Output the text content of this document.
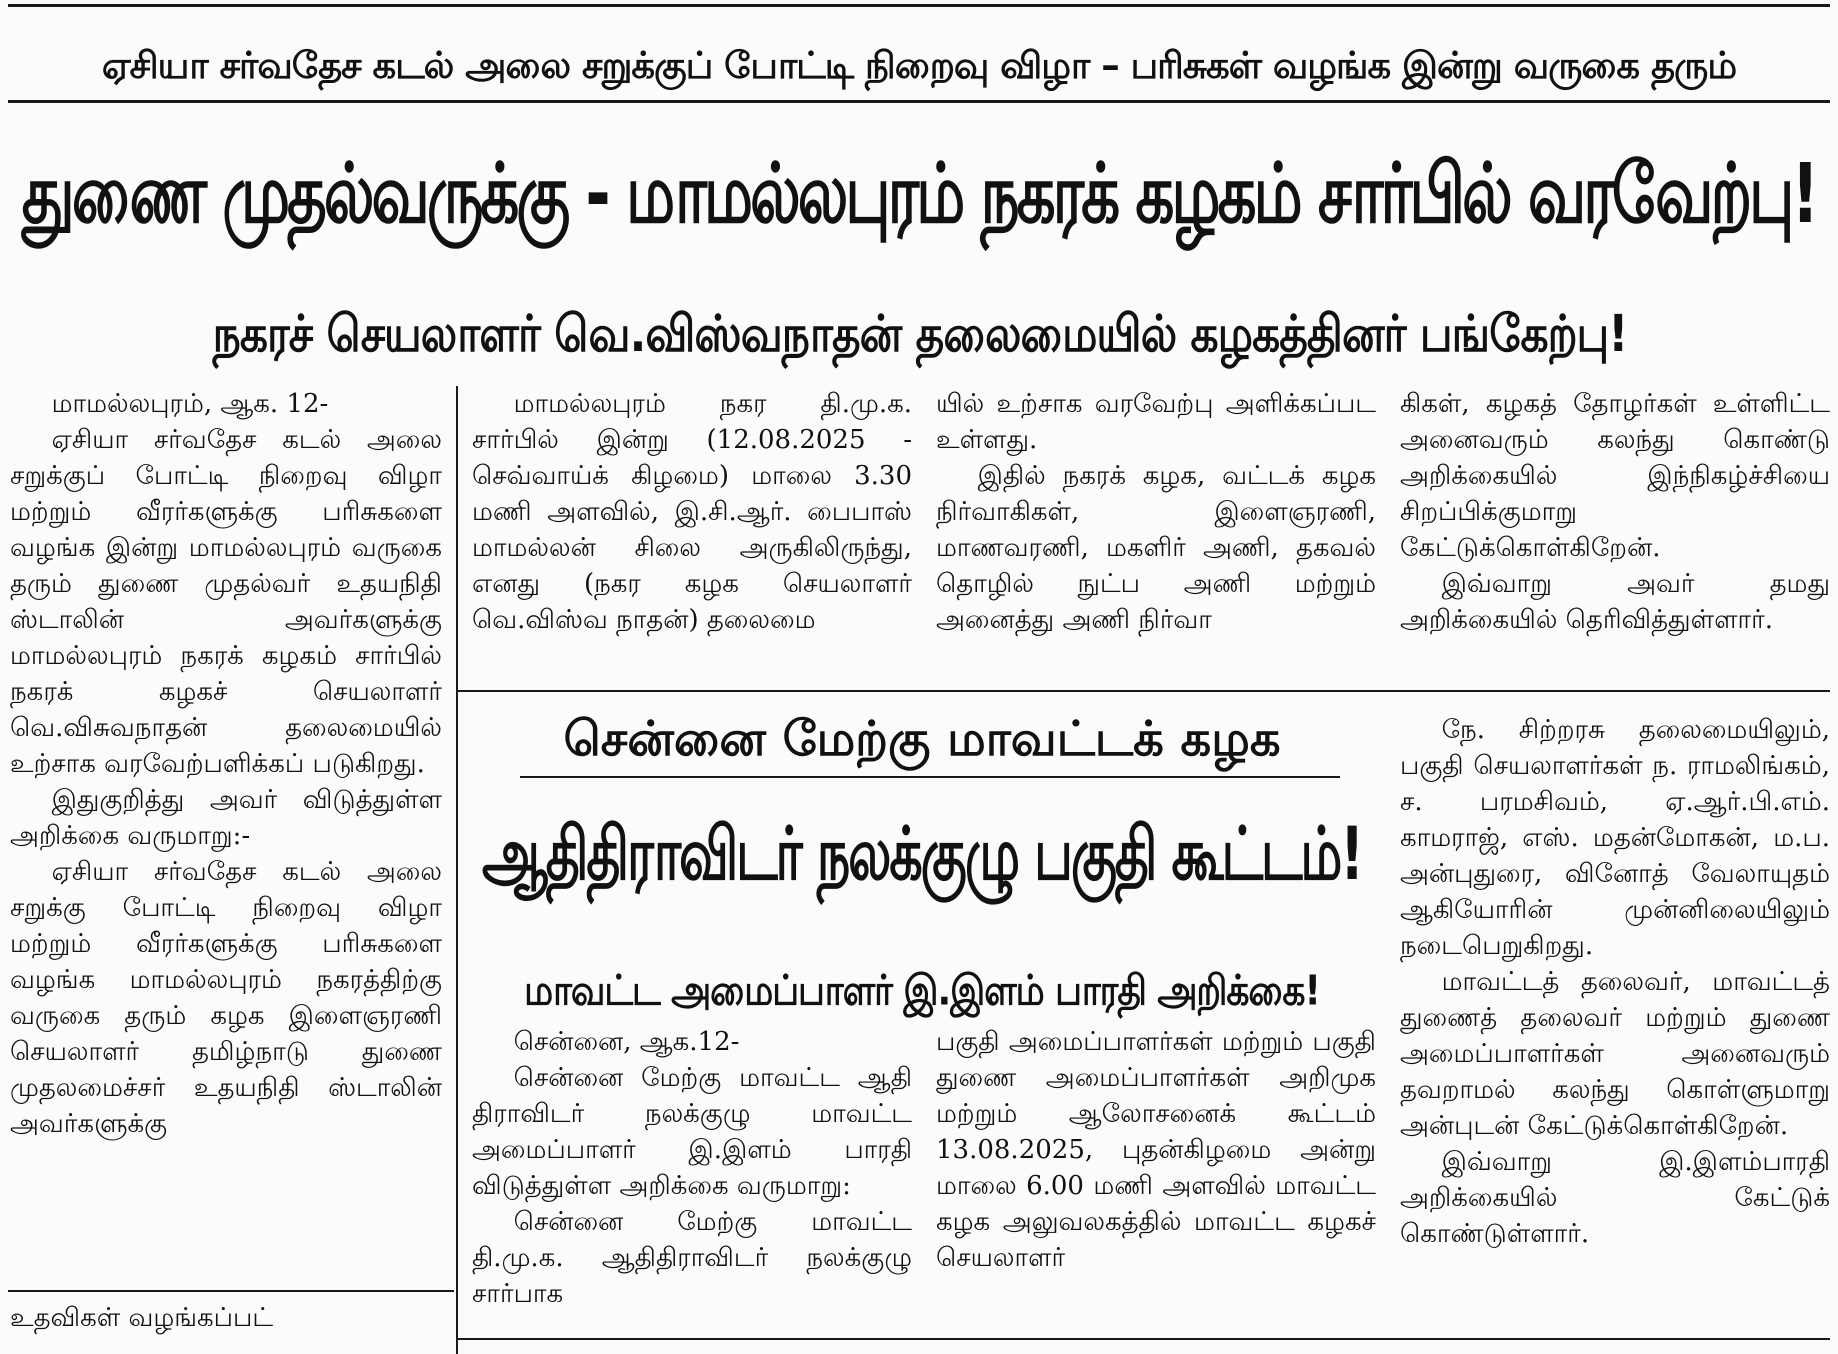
ஏசியா சர்வதேச கடல் அலை சறுக்குப் போட்டி நிறைவு விழா – பரிசுகள் வழங்க இன்று வருகை தரும்
துணை முதல்வருக்கு - மாமல்லபுரம் நகரக் கழகம் சார்பில் வரவேற்பு!
நகரச் செயலாளர் வெ.விஸ்வநாதன் தலைமையில் கழகத்தினர் பங்கேற்பு!

மாமல்லபுரம், ஆக. 12-

ஏசியா சர்வதேச கடல் அலை சறுக்குப் போட்டி நிறைவு விழா மற்றும் வீரர்களுக்கு பரிசுகளை வழங்க இன்று மாமல்லபுரம் வருகை தரும் துணை முதல்வர் உதயநிதி ஸ்டாலின் அவர்களுக்கு மாமல்லபுரம் நகரக் கழகம் சார்பில் நகரக் கழகச் செயலாளர் வெ.விசுவநாதன் தலைமையில் உற்சாக வரவேற்பளிக்கப் படுகிறது.

இதுகுறித்து அவர் விடுத்துள்ள அறிக்கை வருமாறு:-

ஏசியா சர்வதேச கடல் அலை சறுக்கு போட்டி நிறைவு விழா மற்றும் வீரர்களுக்கு பரிசுகளை வழங்க மாமல்லபுரம் நகரத்திற்கு வருகை தரும் கழக இளைஞரணி செயலாளர் தமிழ்நாடு துணை முதலமைச்சர் உதயநிதி ஸ்டாலின் அவர்களுக்கு

உதவிகள் வழங்கப்பட்

மாமல்லபுரம் நகர தி.மு.க. சார்பில் இன்று (12.08.2025 - செவ்வாய்க் கிழமை) மாலை 3.30 மணி அளவில், இ.சி.ஆர். பைபாஸ் மாமல்லன் சிலை அருகிலிருந்து, எனது (நகர கழக செயலாளர் வெ.விஸ்வ நாதன்) தலைமை

யில் உற்சாக வரவேற்பு அளிக்கப்பட உள்ளது.

இதில் நகரக் கழக, வட்டக் கழக நிர்வாகிகள், இளைஞரணி, மாணவரணி, மகளிர் அணி, தகவல் தொழில் நுட்ப அணி மற்றும் அனைத்து அணி நிர்வா

கிகள், கழகத் தோழர்கள் உள்ளிட்ட அனைவரும் கலந்து கொண்டு அறிக்கையில் இந்நிகழ்ச்சியை சிறப்பிக்குமாறு கேட்டுக்கொள்கிறேன்.

இவ்வாறு அவர் தமது அறிக்கையில் தெரிவித்துள்ளார்.

சென்னை மேற்கு மாவட்டக் கழக
ஆதிதிராவிடர் நலக்குழு பகுதி கூட்டம்!
மாவட்ட அமைப்பாளர் இ.இளம் பாரதி அறிக்கை!

சென்னை, ஆக.12-

சென்னை மேற்கு மாவட்ட ஆதி திராவிடர் நலக்குழு மாவட்ட அமைப்பாளர் இ.இளம் பாரதி விடுத்துள்ள அறிக்கை வருமாறு:

சென்னை மேற்கு மாவட்ட தி.மு.க. ஆதிதிராவிடர் நலக்குழு சார்பாக

பகுதி அமைப்பாளர்கள் மற்றும் பகுதி துணை அமைப்பாளர்கள் அறிமுக மற்றும் ஆலோசனைக் கூட்டம் 13.08.2025, புதன்கிழமை அன்று மாலை 6.00 மணி அளவில் மாவட்ட கழக அலுவலகத்தில் மாவட்ட கழகச் செயலாளர்

நே. சிற்றரசு தலைமையிலும், பகுதி செயலாளர்கள் ந. ராமலிங்கம், ச. பரமசிவம், ஏ.ஆர்.பி.எம். காமராஜ், எஸ். மதன்மோகன், ம.ப. அன்புதுரை, வினோத் வேலாயுதம் ஆகியோரின் முன்னிலையிலும் நடைபெறுகிறது.

மாவட்டத் தலைவர், மாவட்டத் துணைத் தலைவர் மற்றும் துணை அமைப்பாளர்கள் அனைவரும் தவறாமல் கலந்து கொள்ளுமாறு அன்புடன் கேட்டுக்கொள்கிறேன்.

இவ்வாறு இ.இளம்பாரதி அறிக்கையில் கேட்டுக் கொண்டுள்ளார்.
